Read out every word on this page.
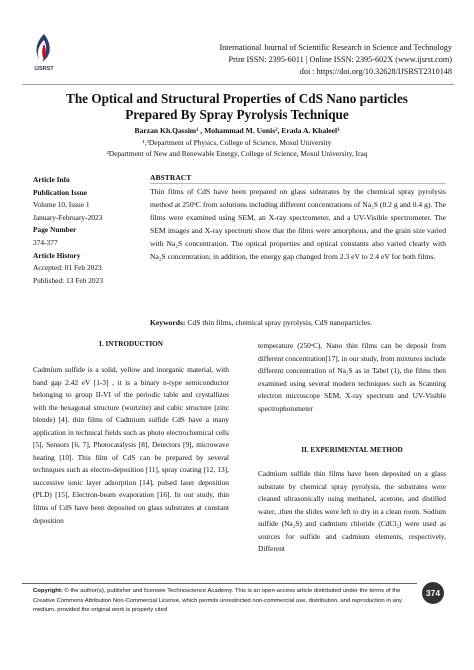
IJSRST
International Journal of Scientific Research in Science and Technology
Print ISSN: 2395-6011 | Online ISSN: 2395-602X (www.ijsrst.com)
doi : https://doi.org/10.32628/IJSRST2310148
The Optical and Structural Properties of CdS Nano particles
Prepared By Spray Pyrolysis Technique
Barzan Kh.Qassim¹ , Mohammad M. Uonis², Erada A. Khaleel³
¹,³Department of Physics, College of Science, Mosul University
²Department of New and Renewable Energy, College of Science, Mosul University, Iraq
Article Info
Publication Issue
Volume 10, Issue 1
January-February-2023
Page Number
374-377
Article History
Accepted: 01 Feb 2023
Published: 13 Feb 2023
ABSTRACT
Thin films of CdS have been prepared on glass substrates by the chemical spray pyrolysis method at 250ᵒC from solutions including different concentrations of Na₂S (0.2 g and 0.4 g). The films were examined using SEM, an X-ray spectrometer, and a UV-Visible spectrometer. The SEM images and X-ray spectrum show that the films were amorphous, and the grain size varied with Na₂S concentration. The optical properties and optical constants also varied clearly with Na₂S concentration; in addition, the energy gap changed from 2.3 eV to 2.4 eV for both films.
Keywords: CdS thin films, chemical spray pyrolysis, CdS nanoparticles.
I. INTRODUCTION
Cadmium sulfide is a solid, yellow and inorganic material, with band gap 2.42 eV [1-3] , it is a binary n-type semiconductor belonging to group II-VI of the periodic table and crystallizes with the hexagonal structure (wurtzite) and cubic structure (zinc blende) [4]. thin films of Cadmium sulfide CdS have a many application in technical fields such as photo electrochemical cells [5], Sensors [6, 7], Photocatalysis [8], Detectors [9], microwave heating [10]. This film of CdS can be prepared by several techniques such as electro-deposition [11], spray coating [12, 13], successive ionic layer adsorption [14], pulsed laser deposition (PLD) [15], Electron-beam evaporation [16]. In our study, thin films of CdS have been deposited on glass substrates at constant deposition
temperature (250ᵒC), Nano thin films can be deposit from different concentration[17], in our study, from mixtures include different concentration of Na₂S as in Tabel (1), the films then examined using several modern techniques such as Scanning electron microscope SEM, X-ray spectrum and UV-Visible spectrophotometer
II. EXPERIMENTAL METHOD
Cadmium sulfide thin films have been deposited on a glass substrate by chemical spray pyrolysis, the substrates were cleaned ultrasonically using methanol, acetone, and distilled water, ,then the slides were left to dry in a clean room. Sodium sulfide (Na₂S) and cadmium chloride (CdCl₂) were used as sources for sulfide and cadmium elements, respectively, Different
Copyright: © the author(s), publisher and licensee Technoscience Academy. This is an open-access article distributed under the terms of the Creative Commons Attribution Non-Commercial License, which permits unrestricted non-commercial use, distribution, and reproduction in any medium, provided the original work is properly cited
374
